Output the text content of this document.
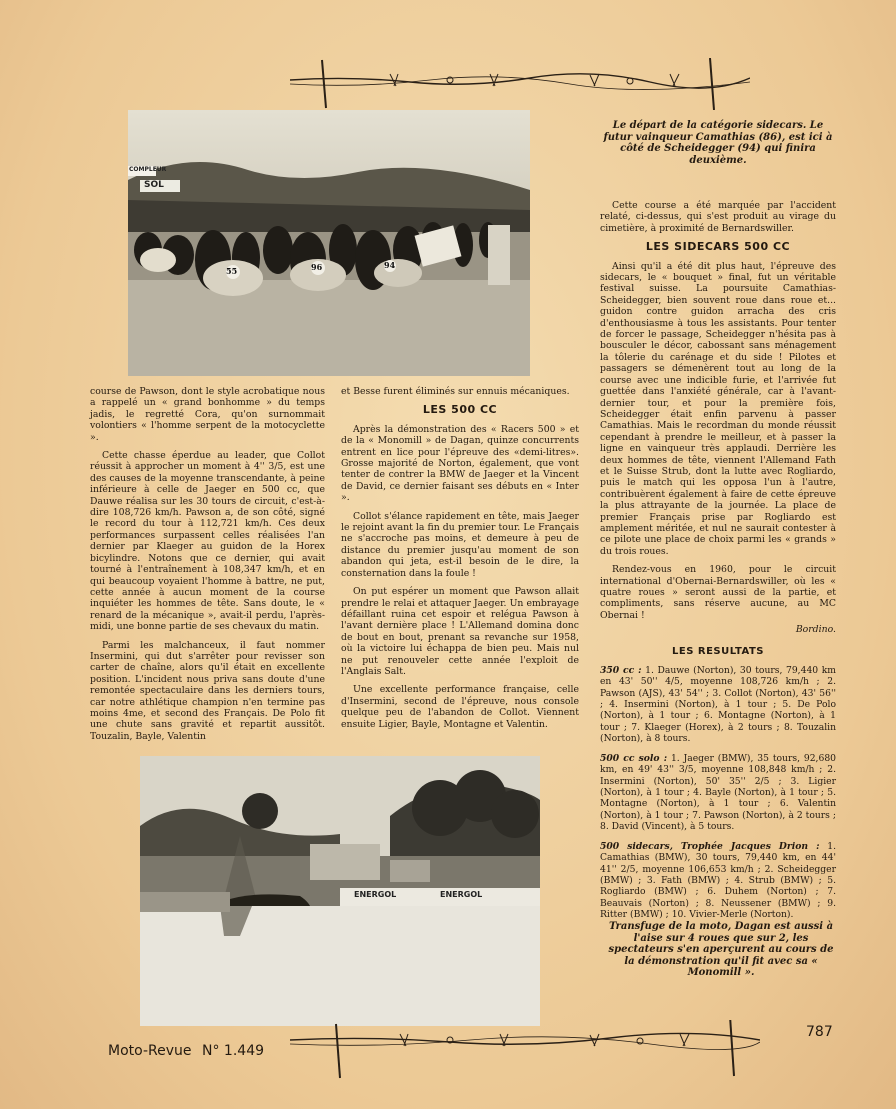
COMPLEUR
SOL
55	96	94
Le départ de la catégorie sidecars. Le futur vainqueur Camathias (86), est ici à côté de Scheidegger (94) qui finira deuxième.

Cette course a été marquée par l'accident relaté, ci-dessus, qui s'est produit au virage du cimetière, à proximité de Bernardswiller.

LES SIDECARS 500 CC

Ainsi qu'il a été dit plus haut, l'épreuve des sidecars, le « bouquet » final, fut un véritable festival suisse. La poursuite Camathias-Scheidegger, bien souvent roue dans roue et... guidon contre guidon arracha des cris d'enthousiasme à tous les assistants. Pour tenter de forcer le passage, Scheidegger n'hésita pas à bousculer le décor, cabossant sans ménagement la tôlerie du carénage et du side ! Pilotes et passagers se démenèrent tout au long de la course avec une indicible furie, et l'arrivée fut guettée dans l'anxiété générale, car à l'avant-dernier tour, et pour la première fois, Scheidegger était enfin parvenu à passer Camathias. Mais le recordman du monde réussit cependant à prendre le meilleur, et à passer la ligne en vainqueur très applaudi. Derrière les deux hommes de tête, viennent l'Allemand Fath et le Suisse Strub, dont la lutte avec Rogliardo, puis le match qui les opposa l'un à l'autre, contribuèrent également à faire de cette épreuve la plus attrayante de la journée. La place de premier Français prise par Rogliardo est amplement méritée, et nul ne saurait contester à ce pilote une place de choix parmi les « grands » du trois roues.

Rendez-vous en 1960, pour le circuit international d'Obernai-Bernardswiller, où les « quatre roues » seront aussi de la partie, et compliments, sans réserve aucune, au MC Obernai !

Bordino.
LES RESULTATS
350 cc : 1. Dauwe (Norton), 30 tours, 79,440 km en 43' 50'' 4/5, moyenne 108,726 km/h ; 2. Pawson (AJS), 43' 54'' ; 3. Collot (Norton), 43' 56'' ; 4. Insermini (Norton), à 1 tour ; 5. De Polo (Norton), à 1 tour ; 6. Montagne (Norton), à 1 tour ; 7. Klaeger (Horex), à 2 tours ; 8. Touzalin (Norton), à 8 tours.
500 cc solo : 1. Jaeger (BMW), 35 tours, 92,680 km, en 49' 43'' 3/5, moyenne 108,848 km/h ; 2. Insermini (Norton), 50' 35'' 2/5 ; 3. Ligier (Norton), à 1 tour ; 4. Bayle (Norton), à 1 tour ; 5. Montagne (Norton), à 1 tour ; 6. Valentin (Norton), à 1 tour ; 7. Pawson (Norton), à 2 tours ; 8. David (Vincent), à 5 tours.
500 sidecars, Trophée Jacques Drion : 1. Camathias (BMW), 30 tours, 79,440 km, en 44' 41'' 2/5, moyenne 106,653 km/h ; 2. Scheidegger (BMW) ; 3. Fath (BMW) ; 4. Strub (BMW) ; 5. Rogliardo (BMW) ; 6. Duhem (Norton) ; 7. Beauvais (Norton) ; 8. Neussener (BMW) ; 9. Ritter (BMW) ; 10. Vivier-Merle (Norton).

course de Pawson, dont le style acrobatique nous a rappelé un « grand bonhomme » du temps jadis, le regretté Cora, qu'on surnommait volontiers « l'homme serpent de la motocyclette ».

Cette chasse éperdue au leader, que Collot réussit à approcher un moment à 4'' 3/5, est une des causes de la moyenne transcendante, à peine inférieure à celle de Jaeger en 500 cc, que Dauwe réalisa sur les 30 tours de circuit, c'est-à-dire 108,726 km/h. Pawson a, de son côté, signé le record du tour à 112,721 km/h. Ces deux performances surpassent celles réalisées l'an dernier par Klaeger au guidon de la Horex bicylindre. Notons que ce dernier, qui avait tourné à l'entraînement à 108,347 km/h, et en qui beaucoup voyaient l'homme à battre, ne put, cette année à aucun moment de la course inquiéter les hommes de tête. Sans doute, le « renard de la mécanique », avait-il perdu, l'après-midi, une bonne partie de ses chevaux du matin.

Parmi les malchanceux, il faut nommer Insermini, qui dut s'arrêter pour revisser son carter de chaîne, alors qu'il était en excellente position. L'incident nous priva sans doute d'une remontée spectaculaire dans les derniers tours, car notre athlétique champion n'en termine pas moins 4me, et second des Français. De Polo fit une chute sans gravité et repartit aussitôt. Touzalin, Bayle, Valentin

et Besse furent éliminés sur ennuis mécaniques.

LES 500 CC

Après la démonstration des « Racers 500 » et de la « Monomill » de Dagan, quinze concurrents entrent en lice pour l'épreuve des «demi-litres». Grosse majorité de Norton, également, que vont tenter de contrer la BMW de Jaeger et la Vincent de David, ce dernier faisant ses débuts en « Inter ».

Collot s'élance rapidement en tête, mais Jaeger le rejoint avant la fin du premier tour. Le Français ne s'accroche pas moins, et demeure à peu de distance du premier jusqu'au moment de son abandon qui jeta, est-il besoin de le dire, la consternation dans la foule !

On put espérer un moment que Pawson allait prendre le relai et attaquer Jaeger. Un embrayage défaillant ruina cet espoir et relégua Pawson à l'avant dernière place ! L'Allemand domina donc de bout en bout, prenant sa revanche sur 1958, où la victoire lui échappa de bien peu. Mais nul ne put renouveler cette année l'exploit de l'Anglais Salt.

Une excellente performance française, celle d'Insermini, second de l'épreuve, nous console quelque peu de l'abandon de Collot. Viennent ensuite Ligier, Bayle, Montagne et Valentin.

ENERGOL	ENERGOL
Transfuge de la moto, Dagan est aussi à l'aise sur 4 roues que sur 2, les spectateurs s'en aperçurent au cours de la démonstration qu'il fit avec sa « Monomill ».
Moto-Revue N° 1.449
787
